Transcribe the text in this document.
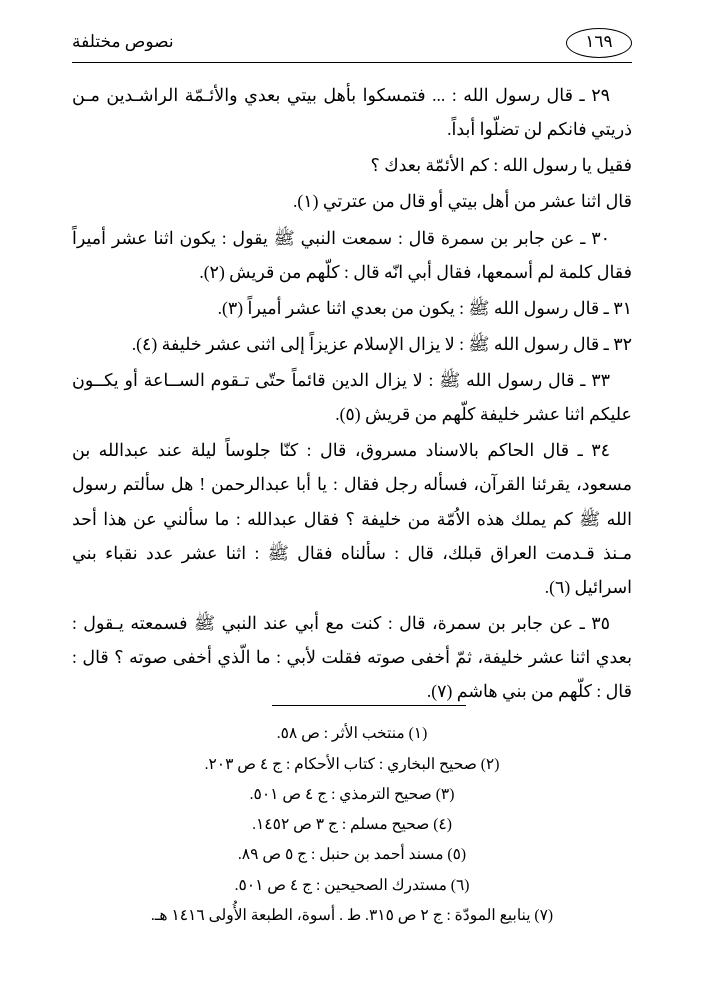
١٦٩
نصوص مختلفة

٢٩ ـ قال رسول الله : ... فتمسكوا بأهل بيتي بعدي والأئـمّة الراشـدين مـن ذريتي فانكم لن تضلّوا أبداً.

فقيل يا رسول الله : كم الأئمّة بعدك ؟

قال اثنا عشر من أهل بيتي أو قال من عترتي (١).

٣٠ ـ عن جابر بن سمرة قال : سمعت النبي ﷺ يقول : يكون اثنا عشر أميراً فقال كلمة لم أسمعها، فقال أبي انّه قال : كلّهم من قريش (٢).

٣١ ـ قال رسول الله ﷺ : يكون من بعدي اثنا عشر أميراً (٣).

٣٢ ـ قال رسول الله ﷺ : لا يزال الإسلام عزيزاً إلى اثنى عشر خليفة (٤).

٣٣ ـ قال رسول الله ﷺ : لا يزال الدين قائماً حتّى تـقوم الســاعة أو يكــون عليكم اثنا عشر خليفة كلّهم من قريش (٥).

٣٤ ـ قال الحاكم بالاسناد مسروق، قال : كنّا جلوساً ليلة عند عبدالله بن مسعود، يقرئنا القرآن، فسأله رجل فقال : يا أبا عبدالرحمن ! هل سألتم رسول الله ﷺ كم يملك هذه الاُمّة من خليفة ؟ فقال عبدالله : ما سألني عن هذا أحد مـنذ قـدمت العراق قبلك، قال : سألناه فقال ﷺ : اثنا عشر عدد نقباء بني اسرائيل (٦).

٣٥ ـ عن جابر بن سمرة، قال : كنت مع أبي عند النبي ﷺ فسمعته يـقول : بعدي اثنا عشر خليفة، ثمّ أخفى صوته فقلت لأبي : ما الّذي أخفى صوته ؟ قال : قال : كلّهم من بني هاشم (٧).

(١) منتخب الأثر : ص ٥٨.
(٢) صحيح البخاري : كتاب الأحكام : ج ٤ ص ٢٠٣.
(٣) صحيح الترمذي : ج ٤ ص ٥٠١.
(٤) صحيح مسلم : ج ٣ ص ١٤٥٢.
(٥) مسند أحمد بن حنبل : ج ٥ ص ٨٩.
(٦) مستدرك الصحيحين : ج ٤ ص ٥٠١.
(٧) ينابيع المودّة : ج ٢ ص ٣١٥. ط . أسوة، الطبعة الأُولى ١٤١٦ هـ.
